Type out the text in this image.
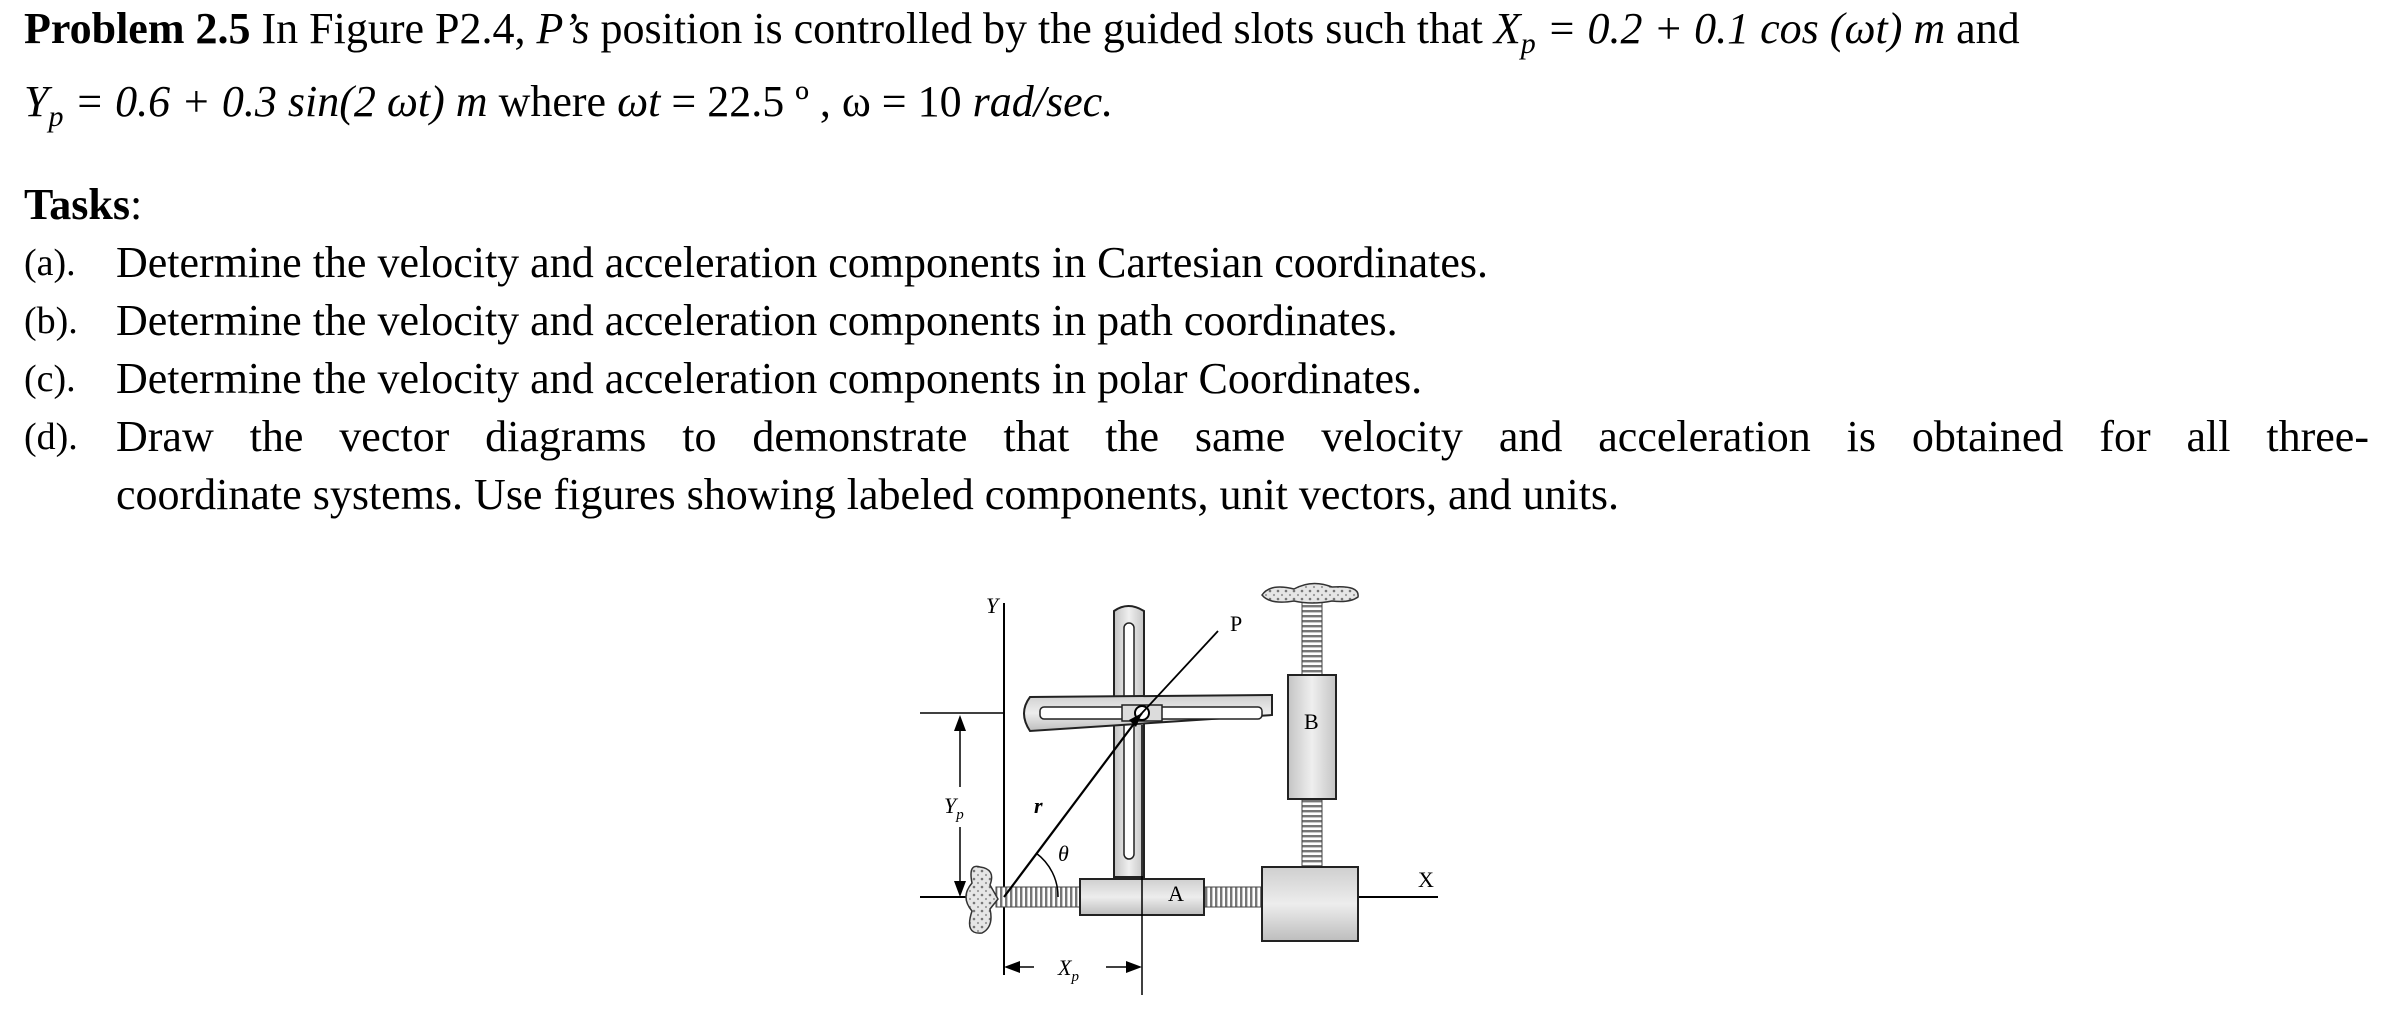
Problem 2.5 In Figure P2.4, P’s position is controlled by the guided slots such that $X_p = 0.2 + 0.1$ cos (ωt) m and
$Y_p = 0.6 + 0.3$ sin(2 ωt) m where ωt = 22.5 º , ω = 10 rad/sec.
Tasks:
(a). Determine the velocity and acceleration components in Cartesian coordinates.
(b). Determine the velocity and acceleration components in path coordinates.
(c). Determine the velocity and acceleration components in polar Coordinates.
(d). Draw the vector diagrams to demonstrate that the same velocity and acceleration is obtained for all three-
coordinate systems. Use figures showing labeled components, unit vectors, and units.
Y
X
A
B
P
r
θ
$Y_p$
$X_p$
